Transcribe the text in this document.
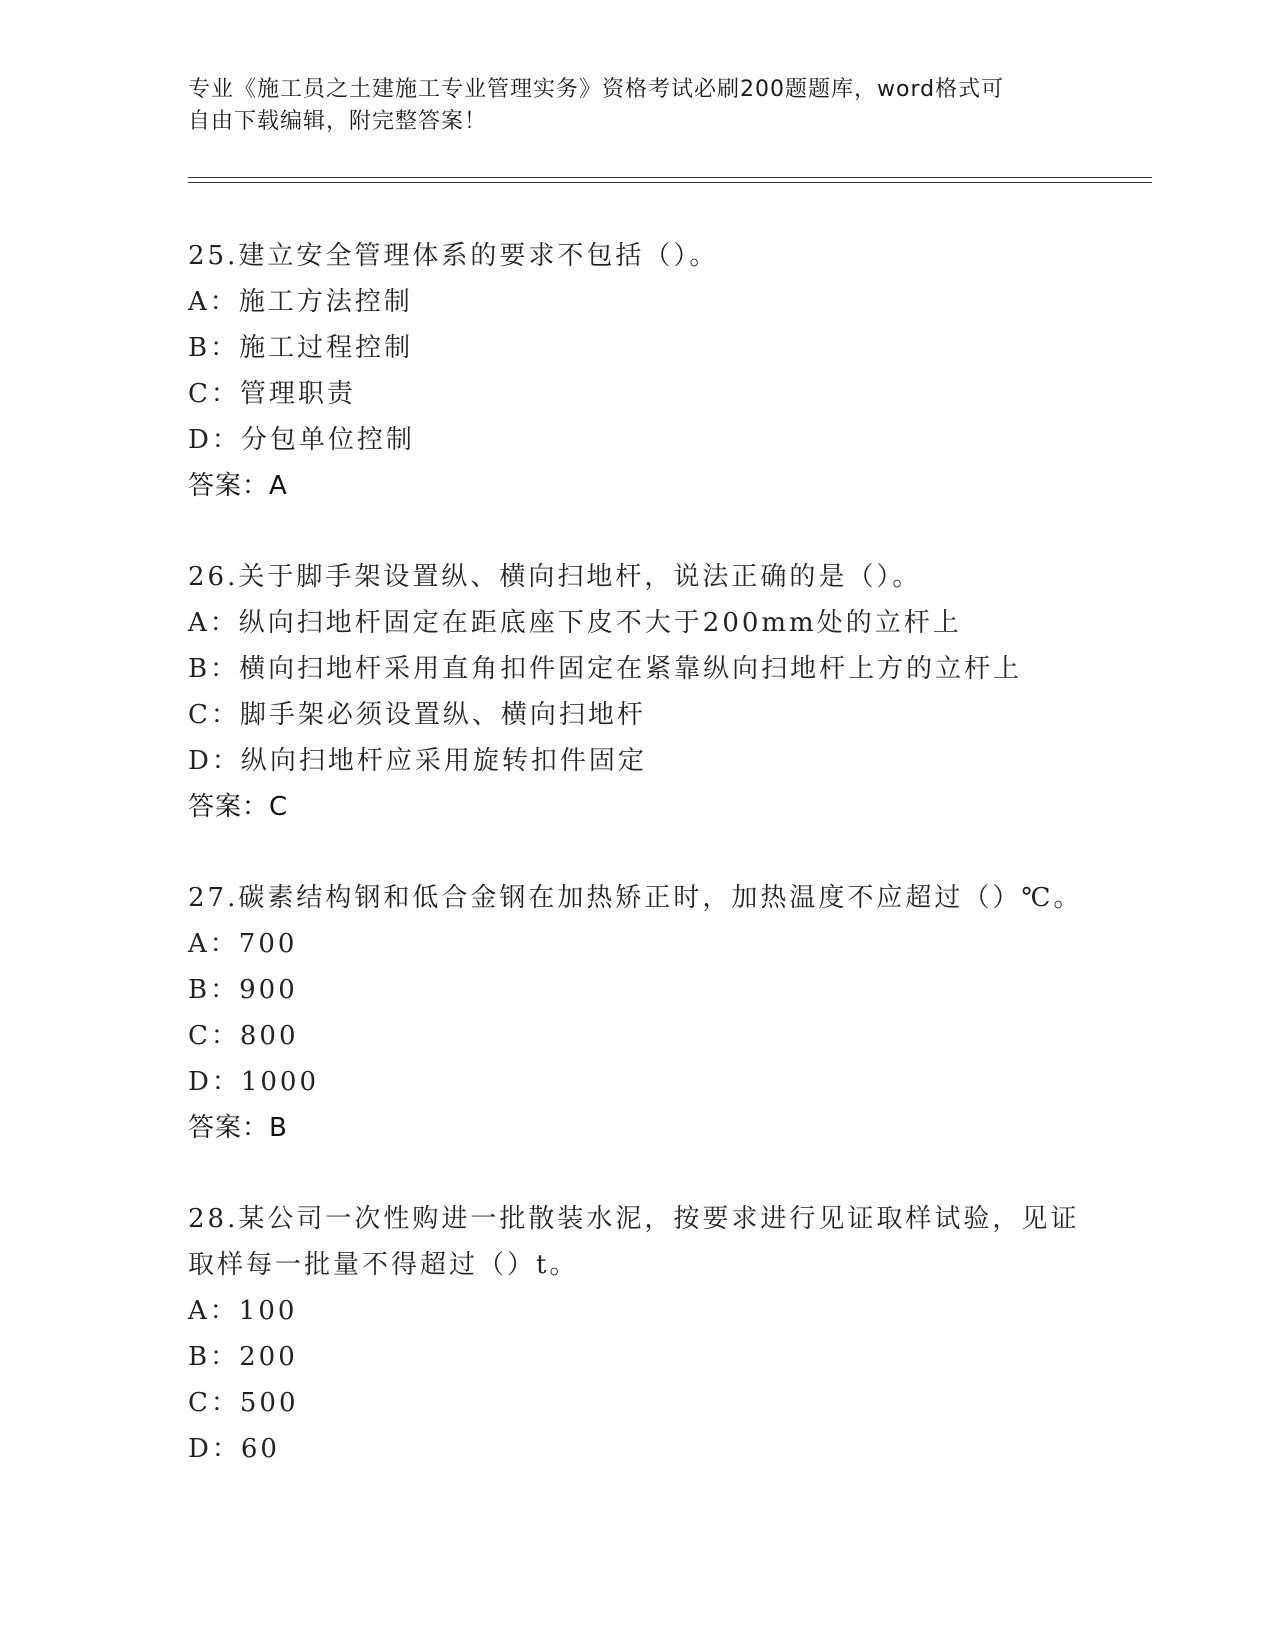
专业《施工员之土建施工专业管理实务》资格考试必刷200题题库，word格式可
自由下载编辑，附完整答案！
25.建立安全管理体系的要求不包括（）。
A：施工方法控制
B：施工过程控制
C：管理职责
D：分包单位控制
答案：A
26.关于脚手架设置纵、横向扫地杆，说法正确的是（）。
A：纵向扫地杆固定在距底座下皮不大于200mm处的立杆上
B：横向扫地杆采用直角扣件固定在紧靠纵向扫地杆上方的立杆上
C：脚手架必须设置纵、横向扫地杆
D：纵向扫地杆应采用旋转扣件固定
答案：C
27.碳素结构钢和低合金钢在加热矫正时，加热温度不应超过（）℃。
A：700
B：900
C：800
D：1000
答案：B
28.某公司一次性购进一批散装水泥，按要求进行见证取样试验，见证
取样每一批量不得超过（）t。
A：100
B：200
C：500
D：60
